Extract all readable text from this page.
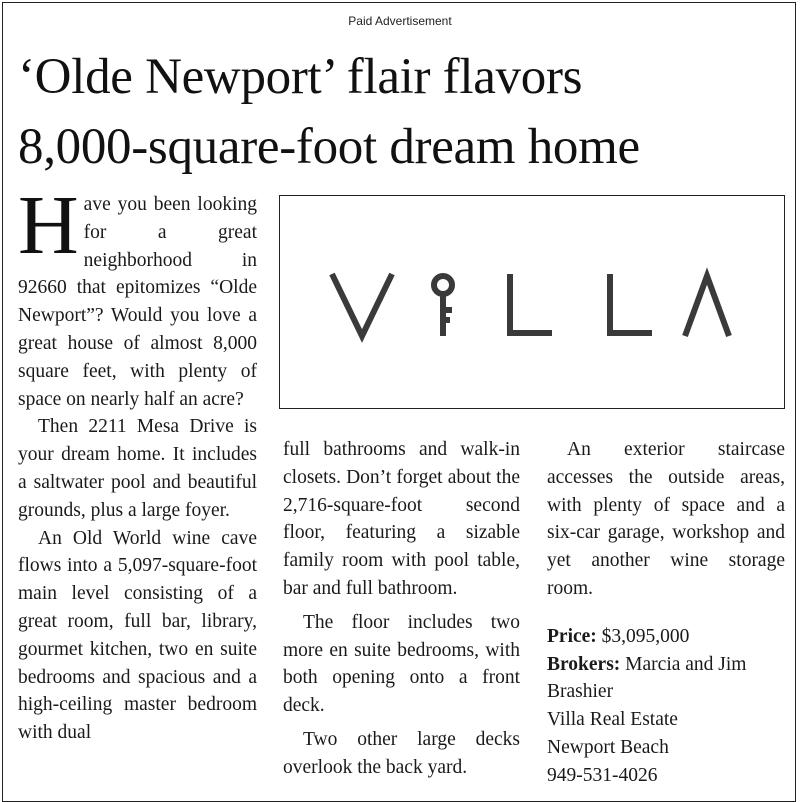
Paid Advertisement
‘Olde Newport’ flair flavors
8,000-square-foot dream home

Have you been looking for a great neighborhood in 92660 that epitomizes “Olde Newport”? Would you love a great house of almost 8,000 square feet, with plenty of space on nearly half an acre?

Then 2211 Mesa Drive is your dream home. It includes a saltwater pool and beautiful grounds, plus a large foyer.

An Old World wine cave flows into a 5,097-square-foot main level consisting of a great room, full bar, library, gourmet kitchen, two en suite bedrooms and spacious and a high-ceiling master bedroom with dual

full bathrooms and walk-in closets. Don’t forget about the 2,716-square-foot second floor, featuring a sizable family room with pool table, bar and full bathroom.

The floor includes two more en suite bedrooms, with both opening onto a front deck.

Two other large decks overlook the back yard.

An exterior staircase accesses the outside areas, with plenty of space and a six-car garage, workshop and yet another wine storage room.

Price: $3,095,000
Brokers: Marcia and Jim Brashier
Villa Real Estate
Newport Beach
949-531-4026
